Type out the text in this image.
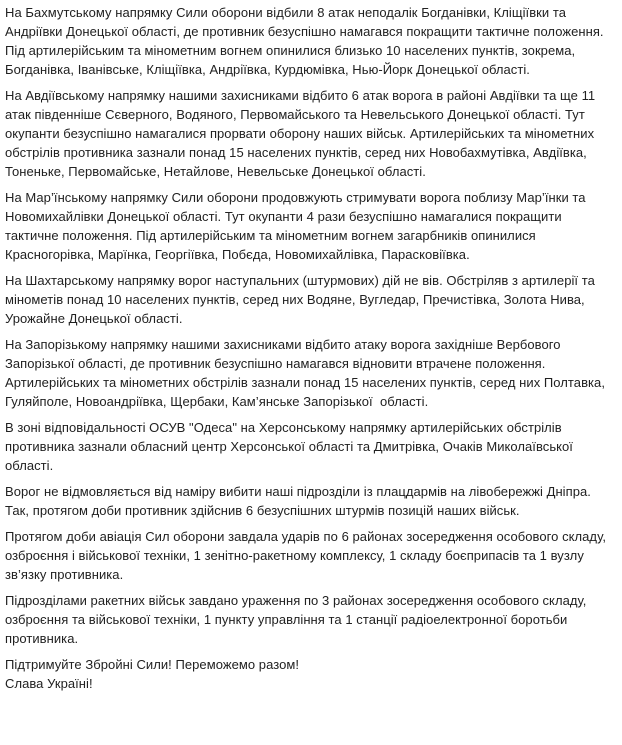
На Бахмутському напрямку Сили оборони відбили 8 атак неподалік Богданівки, Кліщіївки та Андріївки Донецької області, де противник безуспішно намагався покращити тактичне положення. Під артилерійським та мінометним вогнем опинилися близько 10 населених пунктів, зокрема, Богданівка, Іванівське, Кліщіївка, Андріївка, Курдюмівка, Нью-Йорк Донецької області.

На Авдіївському напрямку нашими захисниками відбито 6 атак ворога в районі Авдіївки та ще 11 атак південніше Сєверного, Водяного, Первомайського та Невельського Донецької області. Тут окупанти безуспішно намагалися прорвати оборону наших військ. Артилерійських та мінометних обстрілів противника зазнали понад 15 населених пунктів, серед них Новобахмутівка, Авдіївка, Тоненьке, Первомайське, Нетайлове, Невельське Донецької області.

На Мар’їнському напрямку Сили оборони продовжують стримувати ворога поблизу Мар’їнки та Новомихайлівки Донецької області. Тут окупанти 4 рази безуспішно намагалися покращити тактичне положення. Під артилерійським та мінометним вогнем загарбників опинилися Красногорівка, Марїнка, Георгіївка, Побєда, Новомихайлівка, Парасковіївка.

На Шахтарському напрямку ворог наступальних (штурмових) дій не вів. Обстріляв з артилерії та мінометів понад 10 населених пунктів, серед них Водяне, Вугледар, Пречистівка, Золота Нива, Урожайне Донецької області.

На Запорізькому напрямку нашими захисниками відбито атаку ворога західніше Вербового Запорізької області, де противник безуспішно намагався відновити втрачене положення. Артилерійських та мінометних обстрілів зазнали понад 15 населених пунктів, серед них Полтавка, Гуляйполе, Новоандріївка, Щербаки, Кам’янське Запорізької  області.

В зоні відповідальності ОСУВ "Одеса" на Херсонському напрямку артилерійських обстрілів противника зазнали обласний центр Херсонської області та Дмитрівка, Очаків Миколаївської області.

Ворог не відмовляється від наміру вибити наші підрозділи із плацдармів на лівобережжі Дніпра. Так, протягом доби противник здійснив 6 безуспішних штурмів позицій наших військ.

Протягом доби авіація Сил оборони завдала ударів по 6 районах зосередження особового складу, озброєння і військової техніки, 1 зенітно-ракетному комплексу, 1 складу боєприпасів та 1 вузлу зв’язку противника.

Підрозділами ракетних військ завдано ураження по 3 районах зосередження особового складу, озброєння та військової техніки, 1 пункту управління та 1 станції радіоелектронної боротьби противника.

Підтримуйте Збройні Сили! Переможемо разом!
Слава Україні!
